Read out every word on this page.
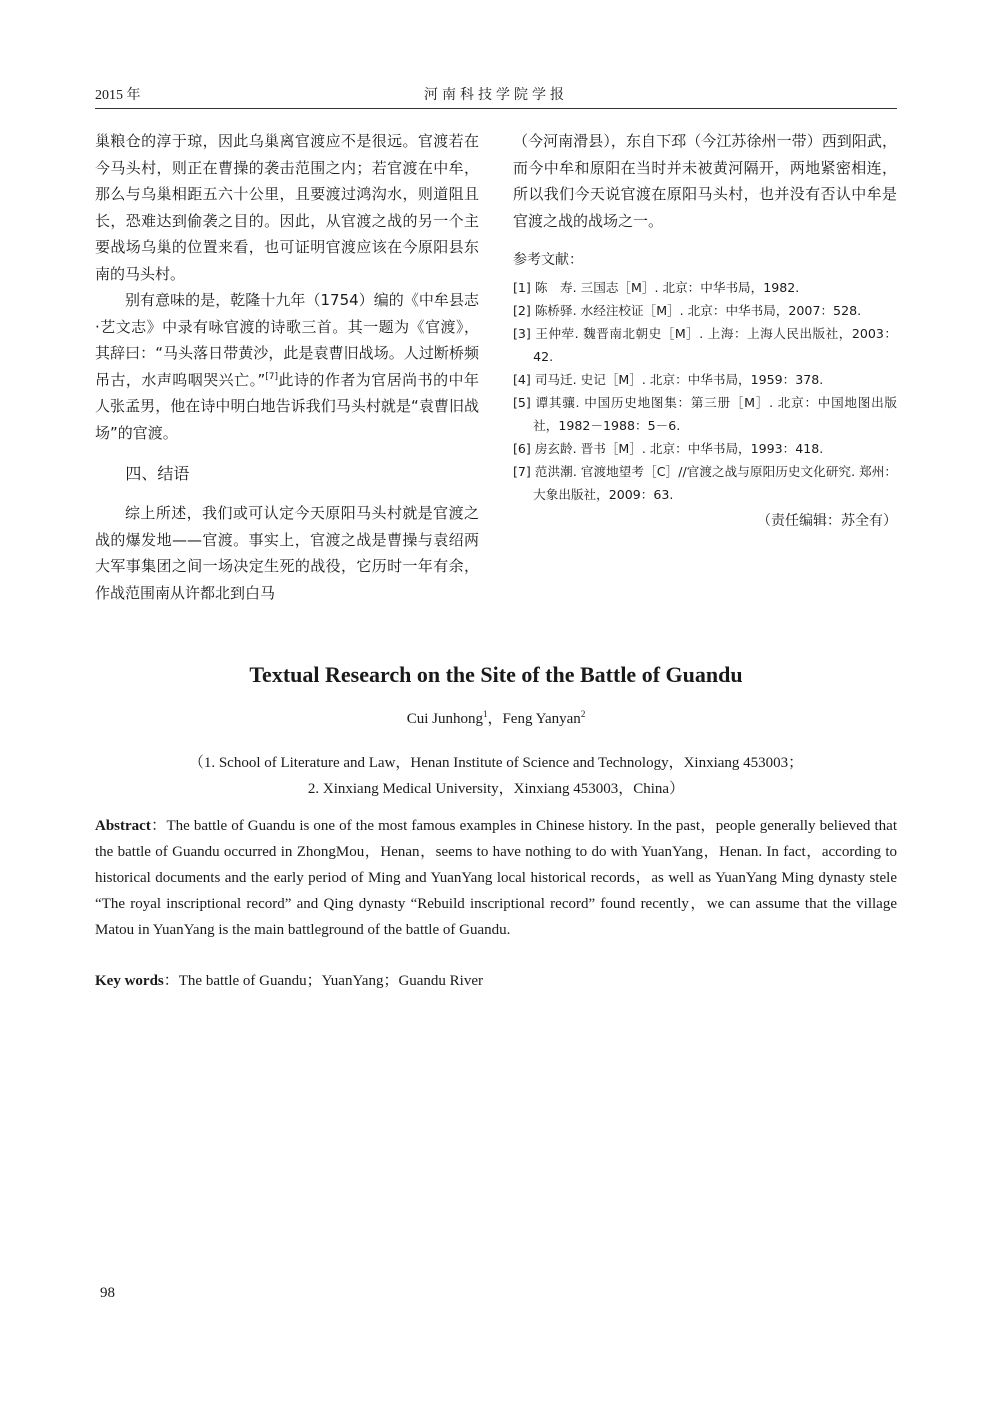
2015 年	河南科技学院学报

巢粮仓的淳于琼，因此乌巢离官渡应不是很远。官渡若在今马头村，则正在曹操的袭击范围之内；若官渡在中牟，那么与乌巢相距五六十公里，且要渡过鸿沟水，则道阻且长，恐难达到偷袭之目的。因此，从官渡之战的另一个主要战场乌巢的位置来看，也可证明官渡应该在今原阳县东南的马头村。

别有意味的是，乾隆十九年（1754）编的《中牟县志·艺文志》中录有咏官渡的诗歌三首。其一题为《官渡》，其辞曰：“马头落日带黄沙，此是袁曹旧战场。人过断桥频吊古，水声呜咽哭兴亡。”[7]此诗的作者为官居尚书的中年人张孟男，他在诗中明白地告诉我们马头村就是“袁曹旧战场”的官渡。

四、结语

综上所述，我们或可认定今天原阳马头村就是官渡之战的爆发地——官渡。事实上，官渡之战是曹操与袁绍两大军事集团之间一场决定生死的战役，它历时一年有余，作战范围南从许都北到白马

（今河南滑县），东自下邳（今江苏徐州一带）西到阳武，而今中牟和原阳在当时并未被黄河隔开，两地紧密相连，所以我们今天说官渡在原阳马头村，也并没有否认中牟是官渡之战的战场之一。

参考文献：
[1] 陈　寿. 三国志［M］. 北京：中华书局，1982.
[2] 陈桥驿. 水经注校证［M］. 北京：中华书局，2007：528.
[3] 王仲荦. 魏晋南北朝史［M］. 上海：上海人民出版社，2003：42.
[4] 司马迁. 史记［M］. 北京：中华书局，1959：378.
[5] 谭其骧. 中国历史地图集：第三册［M］. 北京：中国地图出版社，1982－1988：5－6.
[6] 房玄龄. 晋书［M］. 北京：中华书局，1993：418.
[7] 范洪潮. 官渡地望考［C］//官渡之战与原阳历史文化研究. 郑州：大象出版社，2009：63.
（责任编辑：苏全有）
Textual Research on the Site of the Battle of Guandu
Cui Junhong$^1$，Feng Yanyan$^2$
（1. School of Literature and Law，Henan Institute of Science and Technology，Xinxiang 453003；
2. Xinxiang Medical University，Xinxiang 453003，China）
Abstract：The battle of Guandu is one of the most famous examples in Chinese history. In the past，people generally believed that the battle of Guandu occurred in ZhongMou，Henan，seems to have nothing to do with YuanYang，Henan. In fact，according to historical documents and the early period of Ming and YuanYang local historical records，as well as YuanYang Ming dynasty stele “The royal inscriptional record” and Qing dynasty “Rebuild inscriptional record” found recently，we can assume that the village Matou in YuanYang is the main battleground of the battle of Guandu.
Key words：The battle of Guandu；YuanYang；Guandu River
98
